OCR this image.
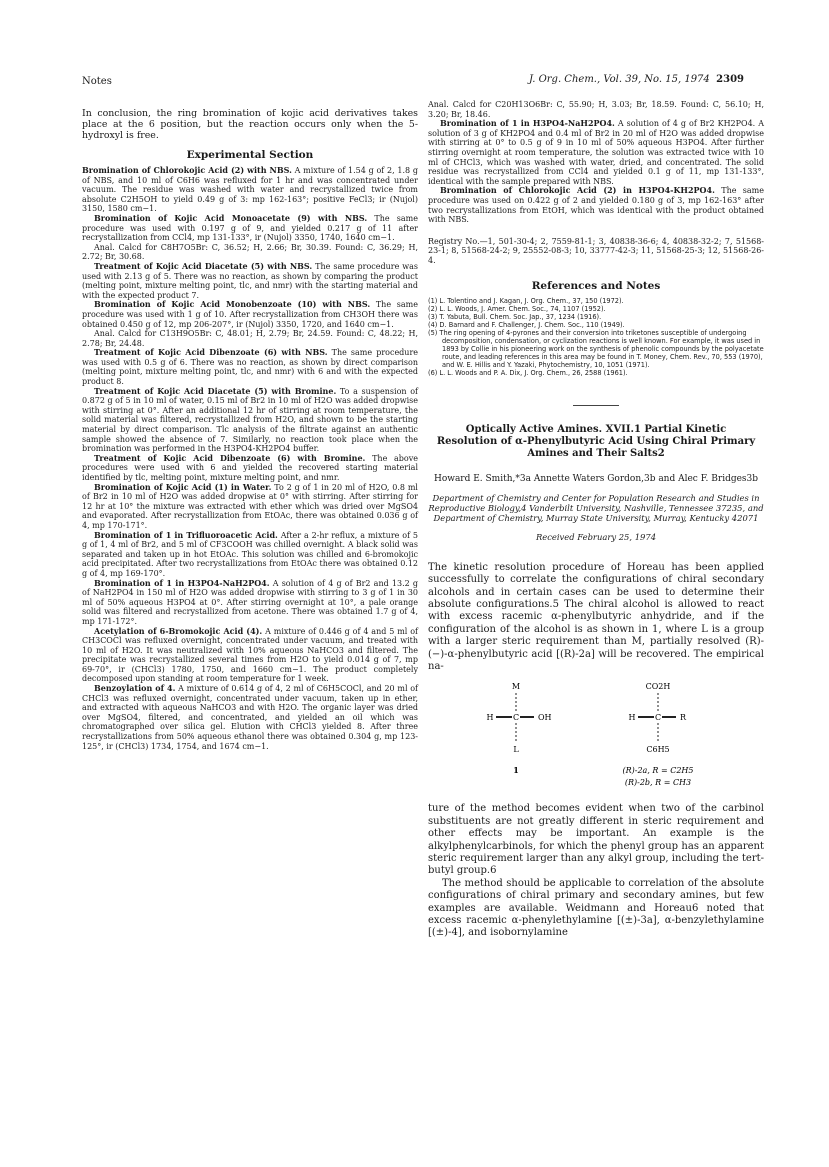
Notes	J. Org. Chem., Vol. 39, No. 15, 1974 2309

In conclusion, the ring bromination of kojic acid derivatives takes place at the 6 position, but the reaction occurs only when the 5-hydroxyl is free.

Experimental Section

Bromination of Chlorokojic Acid (2) with NBS. A mixture of 1.54 g of 2, 1.8 g of NBS, and 10 ml of C6H6 was refluxed for 1 hr and was concentrated under vacuum. The residue was washed with water and recrystallized twice from absolute C2H5OH to yield 0.49 g of 3: mp 162-163°; positive FeCl3; ir (Nujol) 3150, 1580 cm−1.

Bromination of Kojic Acid Monoacetate (9) with NBS. The same procedure was used with 0.197 g of 9, and yielded 0.217 g of 11 after recrystallization from CCl4, mp 131-133°, ir (Nujol) 3350, 1740, 1640 cm−1.

Anal. Calcd for C8H7O5Br: C, 36.52; H, 2.66; Br, 30.39. Found: C, 36.29; H, 2.72; Br, 30.68.

Treatment of Kojic Acid Diacetate (5) with NBS. The same procedure was used with 2.13 g of 5. There was no reaction, as shown by comparing the product (melting point, mixture melting point, tlc, and nmr) with the starting material and with the expected product 7.

Bromination of Kojic Acid Monobenzoate (10) with NBS. The same procedure was used with 1 g of 10. After recrystallization from CH3OH there was obtained 0.450 g of 12, mp 206-207°, ir (Nujol) 3350, 1720, and 1640 cm−1.

Anal. Calcd for C13H9O5Br: C, 48.01; H, 2.79; Br, 24.59. Found: C, 48.22; H, 2.78; Br, 24.48.

Treatment of Kojic Acid Dibenzoate (6) with NBS. The same procedure was used with 0.5 g of 6. There was no reaction, as shown by direct comparison (melting point, mixture melting point, tlc, and nmr) with 6 and with the expected product 8.

Treatment of Kojic Acid Diacetate (5) with Bromine. To a suspension of 0.872 g of 5 in 10 ml of water, 0.15 ml of Br2 in 10 ml of H2O was added dropwise with stirring at 0°. After an additional 12 hr of stirring at room temperature, the solid material was filtered, recrystallized from H2O, and shown to be the starting material by direct comparison. Tlc analysis of the filtrate against an authentic sample showed the absence of 7. Similarly, no reaction took place when the bromination was performed in the H3PO4-KH2PO4 buffer.

Treatment of Kojic Acid Dibenzoate (6) with Bromine. The above procedures were used with 6 and yielded the recovered starting material identified by tlc, melting point, mixture melting point, and nmr.

Bromination of Kojic Acid (1) in Water. To 2 g of 1 in 20 ml of H2O, 0.8 ml of Br2 in 10 ml of H2O was added dropwise at 0° with stirring. After stirring for 12 hr at 10° the mixture was extracted with ether which was dried over MgSO4 and evaporated. After recrystallization from EtOAc, there was obtained 0.036 g of 4, mp 170-171°.

Bromination of 1 in Trifluoroacetic Acid. After a 2-hr reflux, a mixture of 5 g of 1, 4 ml of Br2, and 5 ml of CF3COOH was chilled overnight. A black solid was separated and taken up in hot EtOAc. This solution was chilled and 6-bromokojic acid precipitated. After two recrystallizations from EtOAc there was obtained 0.12 g of 4, mp 169-170°.

Bromination of 1 in H3PO4-NaH2PO4. A solution of 4 g of Br2 and 13.2 g of NaH2PO4 in 150 ml of H2O was added dropwise with stirring to 3 g of 1 in 30 ml of 50% aqueous H3PO4 at 0°. After stirring overnight at 10°, a pale orange solid was filtered and recrystallized from acetone. There was obtained 1.7 g of 4, mp 171-172°.

Acetylation of 6-Bromokojic Acid (4). A mixture of 0.446 g of 4 and 5 ml of CH3COCl was refluxed overnight, concentrated under vacuum, and treated with 10 ml of H2O. It was neutralized with 10% aqueous NaHCO3 and filtered. The precipitate was recrystallized several times from H2O to yield 0.014 g of 7, mp 69-70°, ir (CHCl3) 1780, 1750, and 1660 cm−1. The product completely decomposed upon standing at room temperature for 1 week.

Benzoylation of 4. A mixture of 0.614 g of 4, 2 ml of C6H5COCl, and 20 ml of CHCl3 was refluxed overnight, concentrated under vacuum, taken up in ether, and extracted with aqueous NaHCO3 and with H2O. The organic layer was dried over MgSO4, filtered, and concentrated, and yielded an oil which was chromatographed over silica gel. Elution with CHCl3 yielded 8. After three recrystallizations from 50% aqueous ethanol there was obtained 0.304 g, mp 123-125°, ir (CHCl3) 1734, 1754, and 1674 cm−1.

Anal. Calcd for C20H13O6Br: C, 55.90; H, 3.03; Br, 18.59. Found: C, 56.10; H, 3.20; Br, 18.46.

Bromination of 1 in H3PO4-NaH2PO4. A solution of 4 g of Br2 KH2PO4. A solution of 3 g of KH2PO4 and 0.4 ml of Br2 in 20 ml of H2O was added dropwise with stirring at 0° to 0.5 g of 9 in 10 ml of 50% aqueous H3PO4. After further stirring overnight at room temperature, the solution was extracted twice with 10 ml of CHCl3, which was washed with water, dried, and concentrated. The solid residue was recrystallized from CCl4 and yielded 0.1 g of 11, mp 131-133°, identical with the sample prepared with NBS.

Bromination of Chlorokojic Acid (2) in H3PO4-KH2PO4. The same procedure was used on 0.422 g of 2 and yielded 0.180 g of 3, mp 162-163° after two recrystallizations from EtOH, which was identical with the product obtained with NBS.

Registry No.—1, 501-30-4; 2, 7559-81-1; 3, 40838-36-6; 4, 40838-32-2; 7, 51568-23-1; 8, 51568-24-2; 9, 25552-08-3; 10, 33777-42-3; 11, 51568-25-3; 12, 51568-26-4.

References and Notes
(1) L. Tolentino and J. Kagan, J. Org. Chem., 37, 150 (1972).
(2) L. L. Woods, J. Amer. Chem. Soc., 74, 1107 (1952).
(3) T. Yabuta, Bull. Chem. Soc. Jap., 37, 1234 (1916).
(4) D. Barnard and F. Challenger, J. Chem. Soc., 110 (1949).
(5) The ring opening of 4-pyrones and their conversion into triketones susceptible of undergoing decomposition, condensation, or cyclization reactions is well known. For example, it was used in 1893 by Collie in his pioneering work on the synthesis of phenolic compounds by the polyacetate route, and leading references in this area may be found in T. Money, Chem. Rev., 70, 553 (1970), and W. E. Hillis and Y. Yazaki, Phytochemistry, 10, 1051 (1971).
(6) L. L. Woods and P. A. Dix, J. Org. Chem., 26, 2588 (1961).
Optically Active Amines. XVII.1 Partial Kinetic Resolution of α-Phenylbutyric Acid Using Chiral Primary Amines and Their Salts2
Howard E. Smith,*3a Annette Waters Gordon,3b and Alec F. Bridges3b
Department of Chemistry and Center for Population Research and Studies in Reproductive Biology,4 Vanderbilt University, Nashville, Tennessee 37235, and Department of Chemistry, Murray State University, Murray, Kentucky 42071
Received February 25, 1974

The kinetic resolution procedure of Horeau has been applied successfully to correlate the configurations of chiral secondary alcohols and in certain cases can be used to determine their absolute configurations.5 The chiral alcohol is allowed to react with excess racemic α-phenylbutyric anhydride, and if the configuration of the alcohol is as shown in 1, where L is a group with a larger steric requirement than M, partially resolved (R)-(−)-α-phenylbutyric acid [(R)-2a] will be recovered. The empirical na-

M
H C OH
L
1
CO2H
H C R
C6H5
(R)-2a, R = C2H5
(R)-2b, R = CH3

ture of the method becomes evident when two of the carbinol substituents are not greatly different in steric requirement and other effects may be important. An example is the alkylphenylcarbinols, for which the phenyl group has an apparent steric requirement larger than any alkyl group, including the tert-butyl group.6

The method should be applicable to correlation of the absolute configurations of chiral primary and secondary amines, but few examples are available. Weidmann and Horeau6 noted that excess racemic α-phenylethylamine [(±)-3a], α-benzylethylamine [(±)-4], and isobornylamine
